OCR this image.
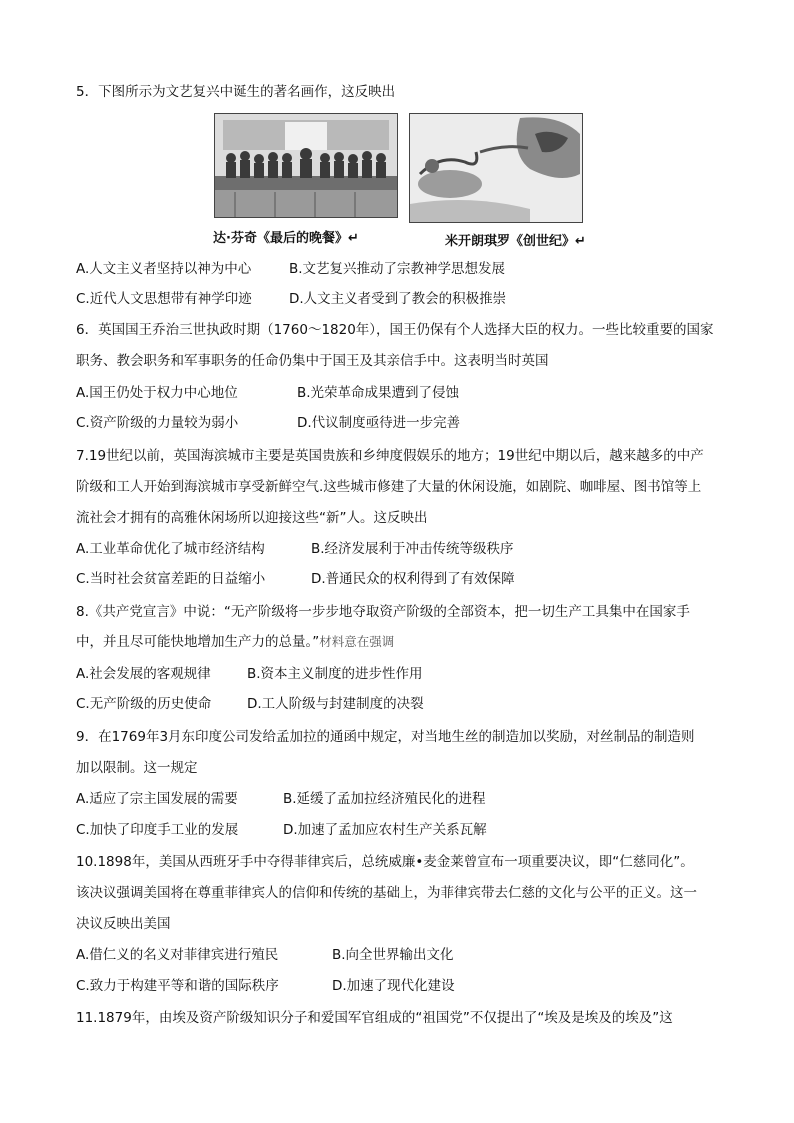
5．下图所示为文艺复兴中诞生的著名画作，这反映出
达·芬奇《最后的晚餐》↵	米开朗琪罗《创世纪》↵
A.人文主义者坚持以神为中心	B.文艺复兴推动了宗教神学思想发展
C.近代人文思想带有神学印迹	D.人文主义者受到了教会的积极推崇
6．英国国王乔治三世执政时期（1760～1820年），国王仍保有个人选择大臣的权力。一些比较重要的国家
职务、教会职务和军事职务的任命仍集中于国王及其亲信手中。这表明当时英国
A.国王仍处于权力中心地位	B.光荣革命成果遭到了侵蚀
C.资产阶级的力量较为弱小	D.代议制度亟待进一步完善
7.19世纪以前，英国海滨城市主要是英国贵族和乡绅度假娱乐的地方；19世纪中期以后，越来越多的中产
阶级和工人开始到海滨城市享受新鲜空气.这些城市修建了大量的休闲设施，如剧院、咖啡屋、图书馆等上
流社会才拥有的高雅休闲场所以迎接这些“新”人。这反映出
A.工业革命优化了城市经济结构	B.经济发展利于冲击传统等级秩序
C.当时社会贫富差距的日益缩小	D.普通民众的权利得到了有效保障
8.《共产党宣言》中说：“无产阶级将一步步地夺取资产阶级的全部资本，把一切生产工具集中在国家手
中，并且尽可能快地增加生产力的总量。”材料意在强调
A.社会发展的客观规律	B.资本主义制度的进步性作用
C.无产阶级的历史使命	D.工人阶级与封建制度的决裂
9．在1769年3月东印度公司发给孟加拉的通函中规定，对当地生丝的制造加以奖励，对丝制品的制造则
加以限制。这一规定
A.适应了宗主国发展的需要	B.延缓了孟加拉经济殖民化的进程
C.加快了印度手工业的发展	D.加速了孟加应农村生产关系瓦解
10.1898年，美国从西班牙手中夺得菲律宾后，总统威廉•麦金莱曾宣布一项重要决议，即“仁慈同化”。
该决议强调美国将在尊重菲律宾人的信仰和传统的基础上，为菲律宾带去仁慈的文化与公平的正义。这一
决议反映出美国
A.借仁义的名义对菲律宾进行殖民	B.向全世界输出文化
C.致力于构建平等和谐的国际秩序	D.加速了现代化建设
11.1879年，由埃及资产阶级知识分子和爱国军官组成的“祖国党”不仅提出了“埃及是埃及的埃及”这
